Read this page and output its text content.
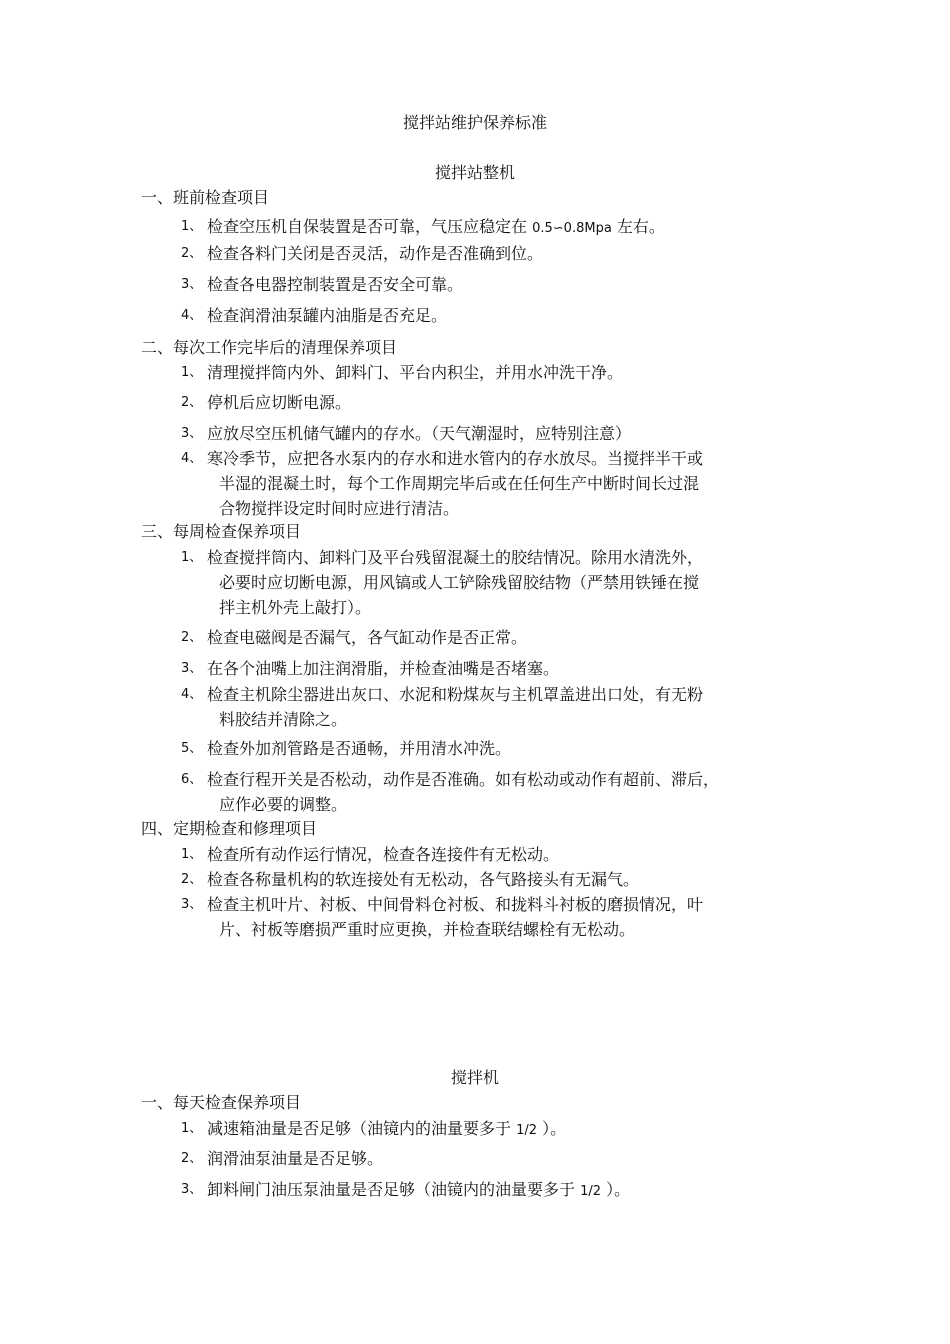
搅拌站维护保养标准
搅拌站整机
一、班前检查项目
1、 检查空压机自保装置是否可靠，气压应稳定在 0.5∽0.8Mpa 左右。
2、 检查各料门关闭是否灵活，动作是否准确到位。
3、 检查各电器控制装置是否安全可靠。
4、 检查润滑油泵罐内油脂是否充足。
二、每次工作完毕后的清理保养项目
1、 清理搅拌筒内外、卸料门、平台内积尘，并用水冲洗干净。
2、 停机后应切断电源。
3、 应放尽空压机储气罐内的存水。（天气潮湿时，应特别注意）
4、 寒冷季节，应把各水泵内的存水和进水管内的存水放尽。当搅拌半干或
半湿的混凝土时，每个工作周期完毕后或在任何生产中断时间长过混
合物搅拌设定时间时应进行清洁。
三、每周检查保养项目
1、 检查搅拌筒内、卸料门及平台残留混凝土的胶结情况。除用水清洗外，
必要时应切断电源，用风镐或人工铲除残留胶结物（严禁用铁锤在搅
拌主机外壳上敲打）。
2、 检查电磁阀是否漏气，各气缸动作是否正常。
3、 在各个油嘴上加注润滑脂，并检查油嘴是否堵塞。
4、 检查主机除尘器进出灰口、水泥和粉煤灰与主机罩盖进出口处，有无粉
料胶结并清除之。
5、 检查外加剂管路是否通畅，并用清水冲洗。
6、 检查行程开关是否松动，动作是否准确。如有松动或动作有超前、滞后，
应作必要的调整。
四、定期检查和修理项目
1、 检查所有动作运行情况，检查各连接件有无松动。
2、 检查各称量机构的软连接处有无松动，各气路接头有无漏气。
3、 检查主机叶片、衬板、中间骨料仓衬板、和拢料斗衬板的磨损情况，叶
片、衬板等磨损严重时应更换，并检查联结螺栓有无松动。
搅拌机
一、每天检查保养项目
1、 减速箱油量是否足够（油镜内的油量要多于 1/2 ）。
2、 润滑油泵油量是否足够。
3、 卸料闸门油压泵油量是否足够（油镜内的油量要多于 1/2 ）。
